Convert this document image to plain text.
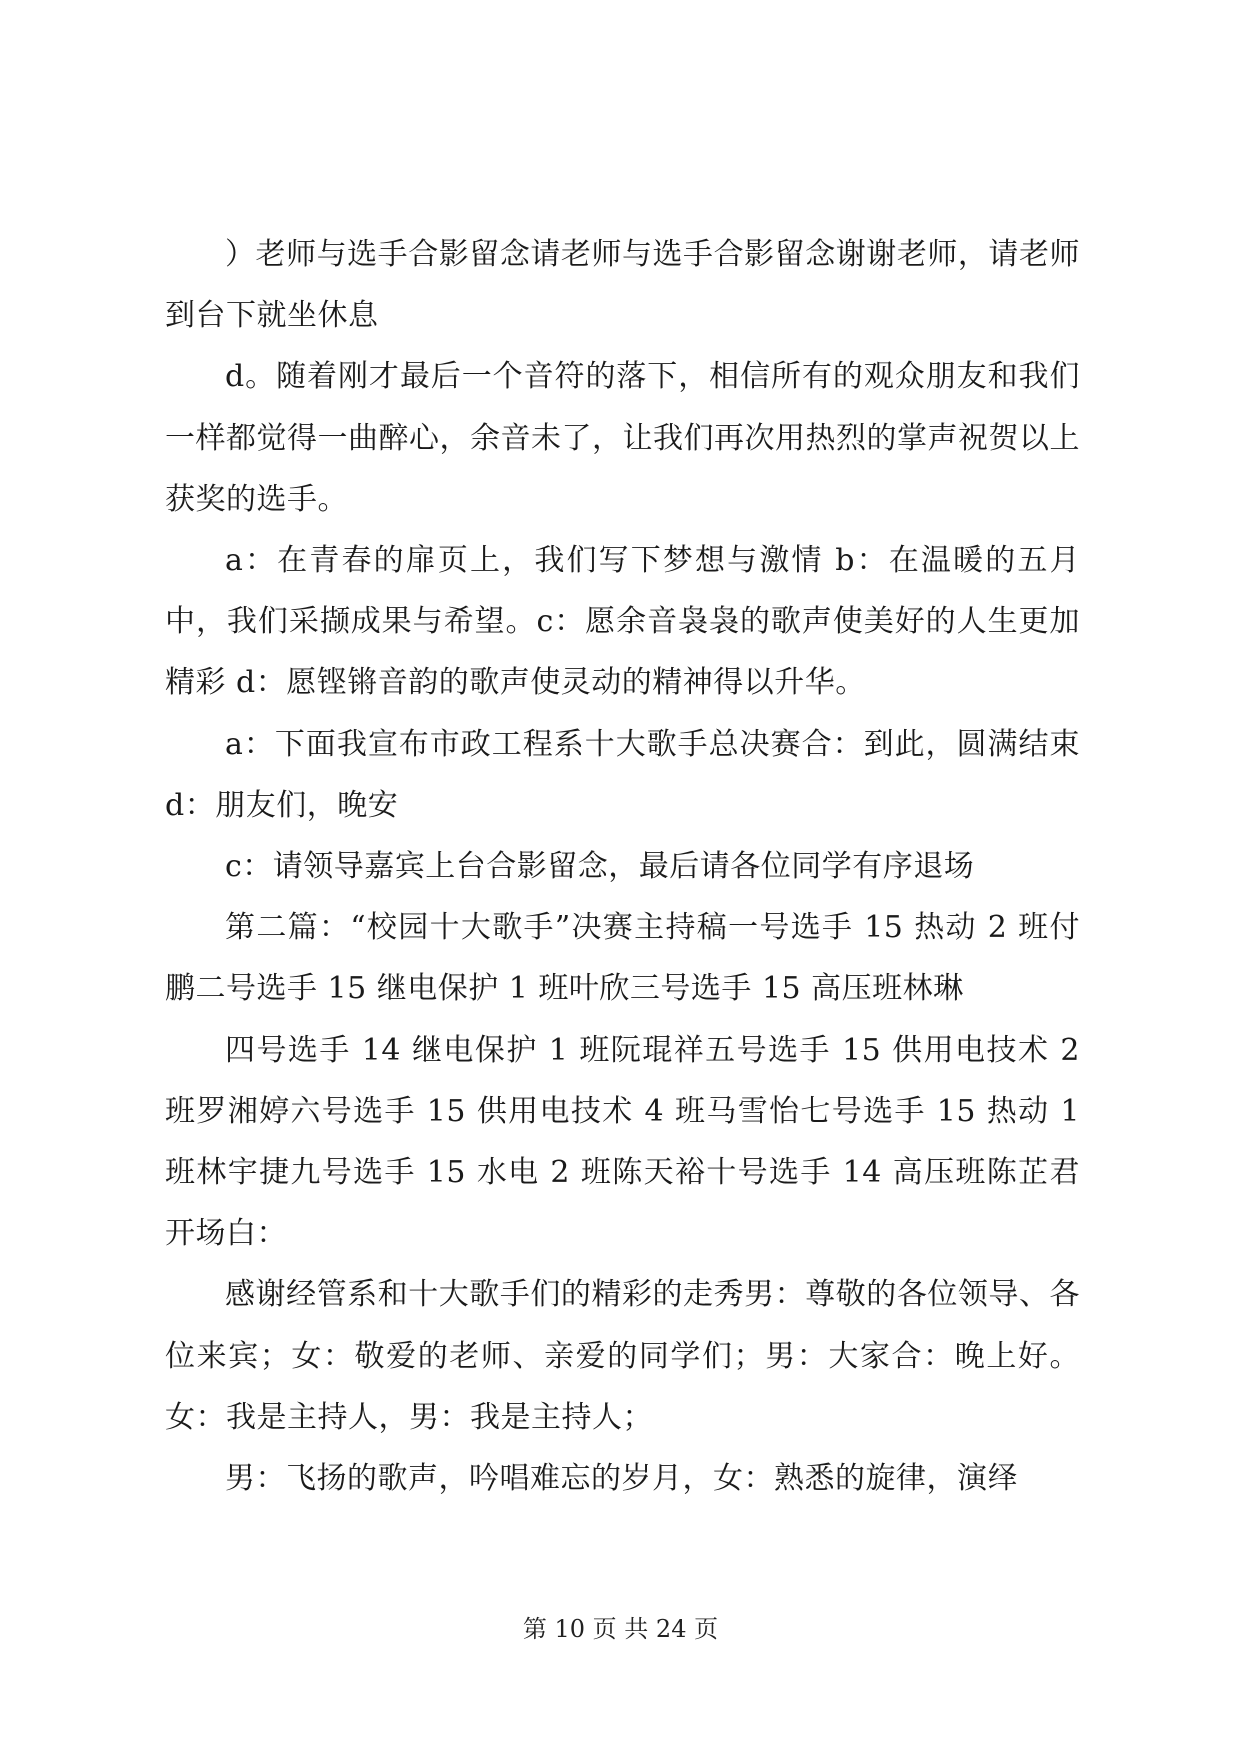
）老师与选手合影留念请老师与选手合影留念谢谢老师，请老师到台下就坐休息

d。随着刚才最后一个音符的落下，相信所有的观众朋友和我们一样都觉得一曲醉心，余音未了，让我们再次用热烈的掌声祝贺以上获奖的选手。

a：在青春的扉页上，我们写下梦想与激情 b：在温暖的五月中，我们采撷成果与希望。c：愿余音袅袅的歌声使美好的人生更加精彩 d：愿铿锵音韵的歌声使灵动的精神得以升华。

a：下面我宣布市政工程系十大歌手总决赛合：到此，圆满结束 d：朋友们，晚安

c：请领导嘉宾上台合影留念，最后请各位同学有序退场

第二篇：“校园十大歌手”决赛主持稿一号选手 15 热动 2 班付鹏二号选手 15 继电保护 1 班叶欣三号选手 15 高压班林琳

四号选手 14 继电保护 1 班阮琨祥五号选手 15 供用电技术 2 班罗湘婷六号选手 15 供用电技术 4 班马雪怡七号选手 15 热动 1 班林宇捷九号选手 15 水电 2 班陈天裕十号选手 14 高压班陈芷君开场白：

感谢经管系和十大歌手们的精彩的走秀男：尊敬的各位领导、各位来宾；女：敬爱的老师、亲爱的同学们；男：大家合：晚上好。女：我是主持人，男：我是主持人；

男：飞扬的歌声，吟唱难忘的岁月，女：熟悉的旋律，演绎

第 10 页 共 24 页
